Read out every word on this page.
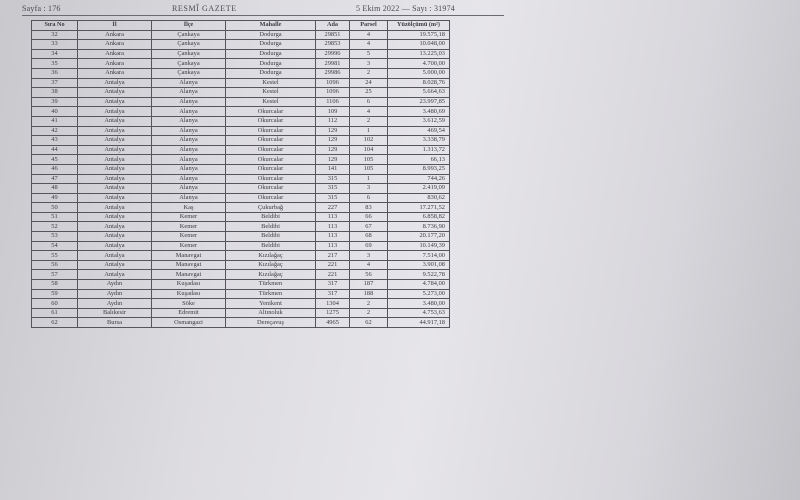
Sayfa : 176	RESMÎ GAZETE	5 Ekim 2022 — Sayı : 31974
Sıra No	İl	İlçe	Mahalle	Ada	Parsel	Yüzölçümü (m²)
32	Ankara	Çankaya	Dodurga	29851	4	19.575,18
33	Ankara	Çankaya	Dodurga	29853	4	10.048,00
34	Ankara	Çankaya	Dodurga	29996	5	13.225,03
35	Ankara	Çankaya	Dodurga	29981	3	4.700,00
36	Ankara	Çankaya	Dodurga	29986	2	5.000,00
37	Antalya	Alanya	Kestel	1096	24	8.028,76
38	Antalya	Alanya	Kestel	1096	25	5.664,63
39	Antalya	Alanya	Kestel	1106	6	23.997,85
40	Antalya	Alanya	Okurcalar	109	4	3.480,69
41	Antalya	Alanya	Okurcalar	112	2	3.612,59
42	Antalya	Alanya	Okurcalar	129	1	469,54
43	Antalya	Alanya	Okurcalar	129	102	3.338,79
44	Antalya	Alanya	Okurcalar	129	104	1.313,72
45	Antalya	Alanya	Okurcalar	129	105	66,13
46	Antalya	Alanya	Okurcalar	141	105	8.993,25
47	Antalya	Alanya	Okurcalar	315	1	744,26
48	Antalya	Alanya	Okurcalar	315	3	2.419,09
49	Antalya	Alanya	Okurcalar	315	6	830,62
50	Antalya	Kaş	Çukurbağ	227	83	17.271,52
51	Antalya	Kemer	Beldibi	113	66	6.858,82
52	Antalya	Kemer	Beldibi	113	67	8.736,90
53	Antalya	Kemer	Beldibi	113	68	20.177,20
54	Antalya	Kemer	Beldibi	113	69	10.149,39
55	Antalya	Manavgat	Kızılağaç	217	3	7.514,00
56	Antalya	Manavgat	Kızılağaç	221	4	3.901,08
57	Antalya	Manavgat	Kızılağaç	221	56	9.522,78
58	Aydın	Kuşadası	Türkmen	317	187	4.784,00
59	Aydın	Kuşadası	Türkmen	317	188	5.273,00
60	Aydın	Söke	Yenikent	1304	2	3.480,00
61	Balıkesir	Edremit	Altınoluk	1275	2	4.753,63
62	Bursa	Osmangazi	Dereçavuş	4965	62	44.917,18
